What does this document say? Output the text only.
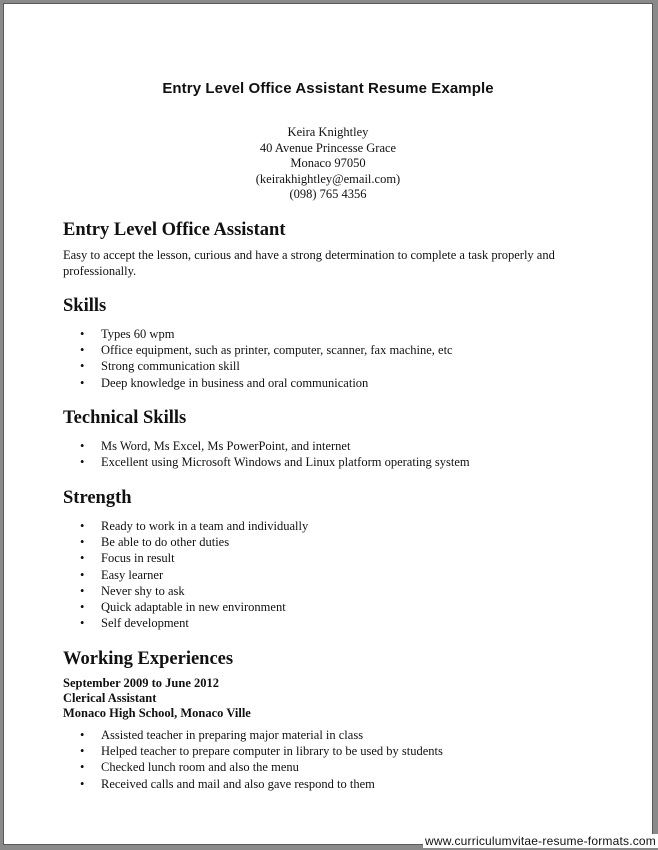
Entry Level Office Assistant Resume Example
Keira Knightley
40 Avenue Princesse Grace
Monaco 97050
(keirakhightley@email.com)
(098) 765 4356
Entry Level Office Assistant
Easy to accept the lesson, curious and have a strong determination to complete a task properly and professionally.
Skills
• Types 60 wpm
• Office equipment, such as printer, computer, scanner, fax machine, etc
• Strong communication skill
• Deep knowledge in business and oral communication
Technical Skills
• Ms Word, Ms Excel, Ms PowerPoint, and internet
• Excellent using Microsoft Windows and Linux platform operating system
Strength
• Ready to work in a team and individually
• Be able to do other duties
• Focus in result
• Easy learner
• Never shy to ask
• Quick adaptable in new environment
• Self development
Working Experiences
September 2009 to June 2012
Clerical Assistant
Monaco High School, Monaco Ville
• Assisted teacher in preparing major material in class
• Helped teacher to prepare computer in library to be used by students
• Checked lunch room and also the menu
• Received calls and mail and also gave respond to them
www.curriculumvitae-resume-formats.com
